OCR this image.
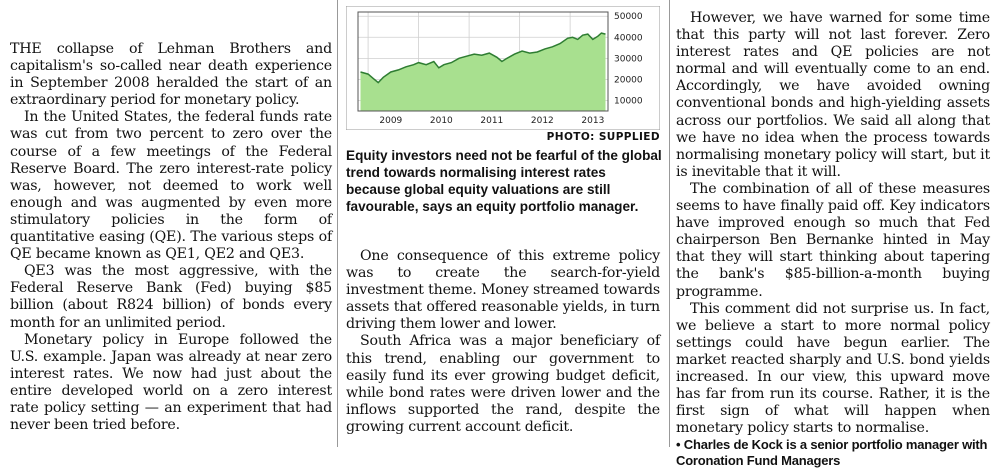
THE collapse of Lehman Brothers and capitalism's so-called near death experience in September 2008 heralded the start of an extraordinary period for monetary policy.

In the United States, the federal funds rate was cut from two percent to zero over the course of a few meetings of the Federal Reserve Board. The zero interest-rate policy was, however, not deemed to work well enough and was augmented by even more stimulatory policies in the form of quantitative easing (QE). The various steps of QE became known as QE1, QE2 and QE3.

QE3 was the most aggressive, with the Federal Reserve Bank (Fed) buying $85 billion (about R824 billion) of bonds every month for an unlimited period.

Monetary policy in Europe followed the U.S. example. Japan was already at near zero interest rates. We now had just about the entire developed world on a zero interest rate policy setting — an experiment that had never been tried before.

10000
20000
30000
40000
50000
2009	2010	2011	2012	2013
PHOTO: SUPPLIED
Equity investors need not be fearful of the global trend towards normalising interest rates because global equity valuations are still favourable, says an equity portfolio manager.

One consequence of this extreme policy was to create the search-for-yield investment theme. Money streamed towards assets that offered reasonable yields, in turn driving them lower and lower.

South Africa was a major beneficiary of this trend, enabling our government to easily fund its ever growing budget deficit, while bond rates were driven lower and the inflows supported the rand, despite the growing current account deficit.

However, we have warned for some time that this party will not last forever. Zero interest rates and QE policies are not normal and will eventually come to an end. Accordingly, we have avoided owning conventional bonds and high-yielding assets across our portfolios. We said all along that we have no idea when the process towards normalising monetary policy will start, but it is inevitable that it will.

The combination of all of these measures seems to have finally paid off. Key indicators have improved enough so much that Fed chairperson Ben Bernanke hinted in May that they will start thinking about tapering the bank's $85-billion-a-month buying programme.

This comment did not surprise us. In fact, we believe a start to more normal policy settings could have begun earlier. The market reacted sharply and U.S. bond yields increased. In our view, this upward move has far from run its course. Rather, it is the first sign of what will happen when monetary policy starts to normalise.

• Charles de Kock is a senior portfolio manager with Coronation Fund Managers
